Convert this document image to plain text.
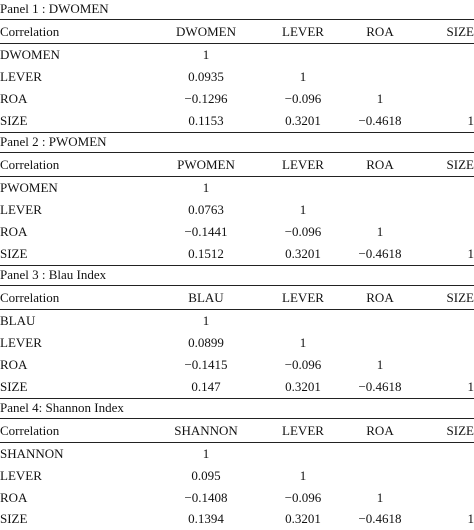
Panel 1 : DWOMEN
Correlation	DWOMEN	LEVER	ROA	SIZE
DWOMEN	1
LEVER	0.0935	1
ROA	−0.1296	−0.096	1
SIZE	0.1153	0.3201	−0.4618	1
Panel 2 : PWOMEN
Correlation	PWOMEN	LEVER	ROA	SIZE
PWOMEN	1
LEVER	0.0763	1
ROA	−0.1441	−0.096	1
SIZE	0.1512	0.3201	−0.4618	1
Panel 3 : Blau Index
Correlation	BLAU	LEVER	ROA	SIZE
BLAU	1
LEVER	0.0899	1
ROA	−0.1415	−0.096	1
SIZE	0.147	0.3201	−0.4618	1
Panel 4: Shannon Index
Correlation	SHANNON	LEVER	ROA	SIZE
SHANNON	1
LEVER	0.095	1
ROA	−0.1408	−0.096	1
SIZE	0.1394	0.3201	−0.4618	1
